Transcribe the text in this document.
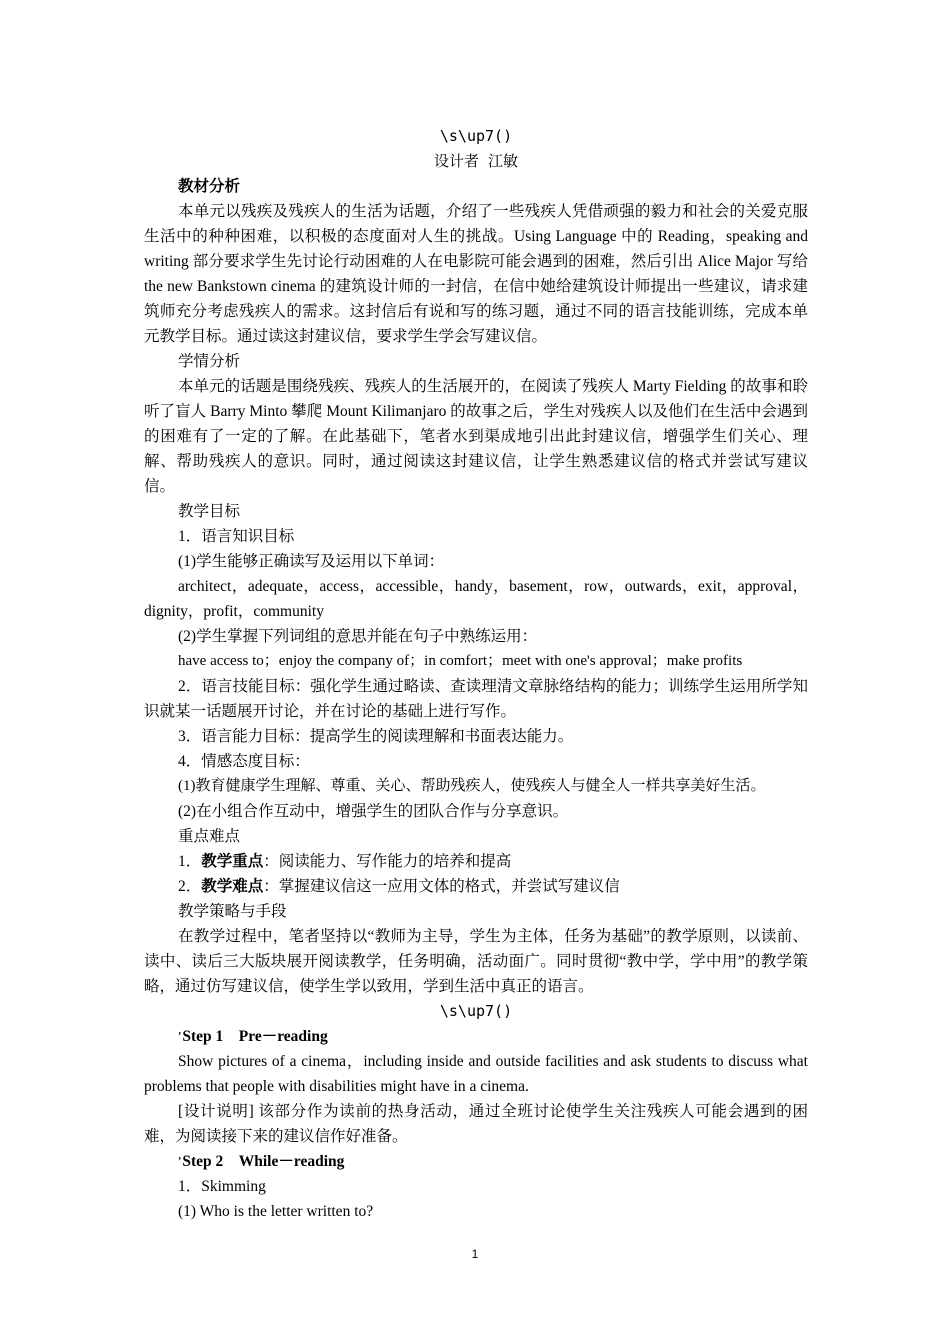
\s\up7()
设计者 江敏
教材分析
本单元以残疾及残疾人的生活为话题，介绍了一些残疾人凭借顽强的毅力和社会的关爱克服生活中的种种困难，以积极的态度面对人生的挑战。Using Language 中的 Reading，speaking and writing 部分要求学生先讨论行动困难的人在电影院可能会遇到的困难，然后引出 Alice Major 写给 the new Bankstown cinema 的建筑设计师的一封信，在信中她给建筑设计师提出一些建议，请求建筑师充分考虑残疾人的需求。这封信后有说和写的练习题，通过不同的语言技能训练，完成本单元教学目标。通过读这封建议信，要求学生学会写建议信。
学情分析
本单元的话题是围绕残疾、残疾人的生活展开的，在阅读了残疾人 Marty Fielding 的故事和聆听了盲人 Barry Minto 攀爬 Mount Kilimanjaro 的故事之后，学生对残疾人以及他们在生活中会遇到的困难有了一定的了解。在此基础下，笔者水到渠成地引出此封建议信，增强学生们关心、理解、帮助残疾人的意识。同时，通过阅读这封建议信，让学生熟悉建议信的格式并尝试写建议信。
教学目标
1．语言知识目标
(1)学生能够正确读写及运用以下单词：
architect，adequate，access，accessible，handy，basement，row，outwards，exit，approval，dignity，profit，community
(2)学生掌握下列词组的意思并能在句子中熟练运用：
have access to；enjoy the company of；in comfort；meet with one's approval；make profits
2．语言技能目标：强化学生通过略读、查读理清文章脉络结构的能力；训练学生运用所学知识就某一话题展开讨论，并在讨论的基础上进行写作。
3．语言能力目标：提高学生的阅读理解和书面表达能力。
4．情感态度目标：
(1)教育健康学生理解、尊重、关心、帮助残疾人，使残疾人与健全人一样共享美好生活。
(2)在小组合作互动中，增强学生的团队合作与分享意识。
重点难点
1．教学重点：阅读能力、写作能力的培养和提高
2．教学难点：掌握建议信这一应用文体的格式，并尝试写建议信
教学策略与手段
在教学过程中，笔者坚持以“教师为主导，学生为主体，任务为基础”的教学原则，以读前、读中、读后三大版块展开阅读教学，任务明确，活动面广。同时贯彻“教中学，学中用”的教学策略，通过仿写建议信，使学生学以致用，学到生活中真正的语言。
\s\up7()
$^ʼ$Step 1　Pre－reading
Show pictures of a cinema，including inside and outside facilities and ask students to discuss what problems that people with disabilities might have in a cinema.
[设计说明] 该部分作为读前的热身活动，通过全班讨论使学生关注残疾人可能会遇到的困难，为阅读接下来的建议信作好准备。
$^ʼ$Step 2　While－reading
1．Skimming
(1) Who is the letter written to?
1
